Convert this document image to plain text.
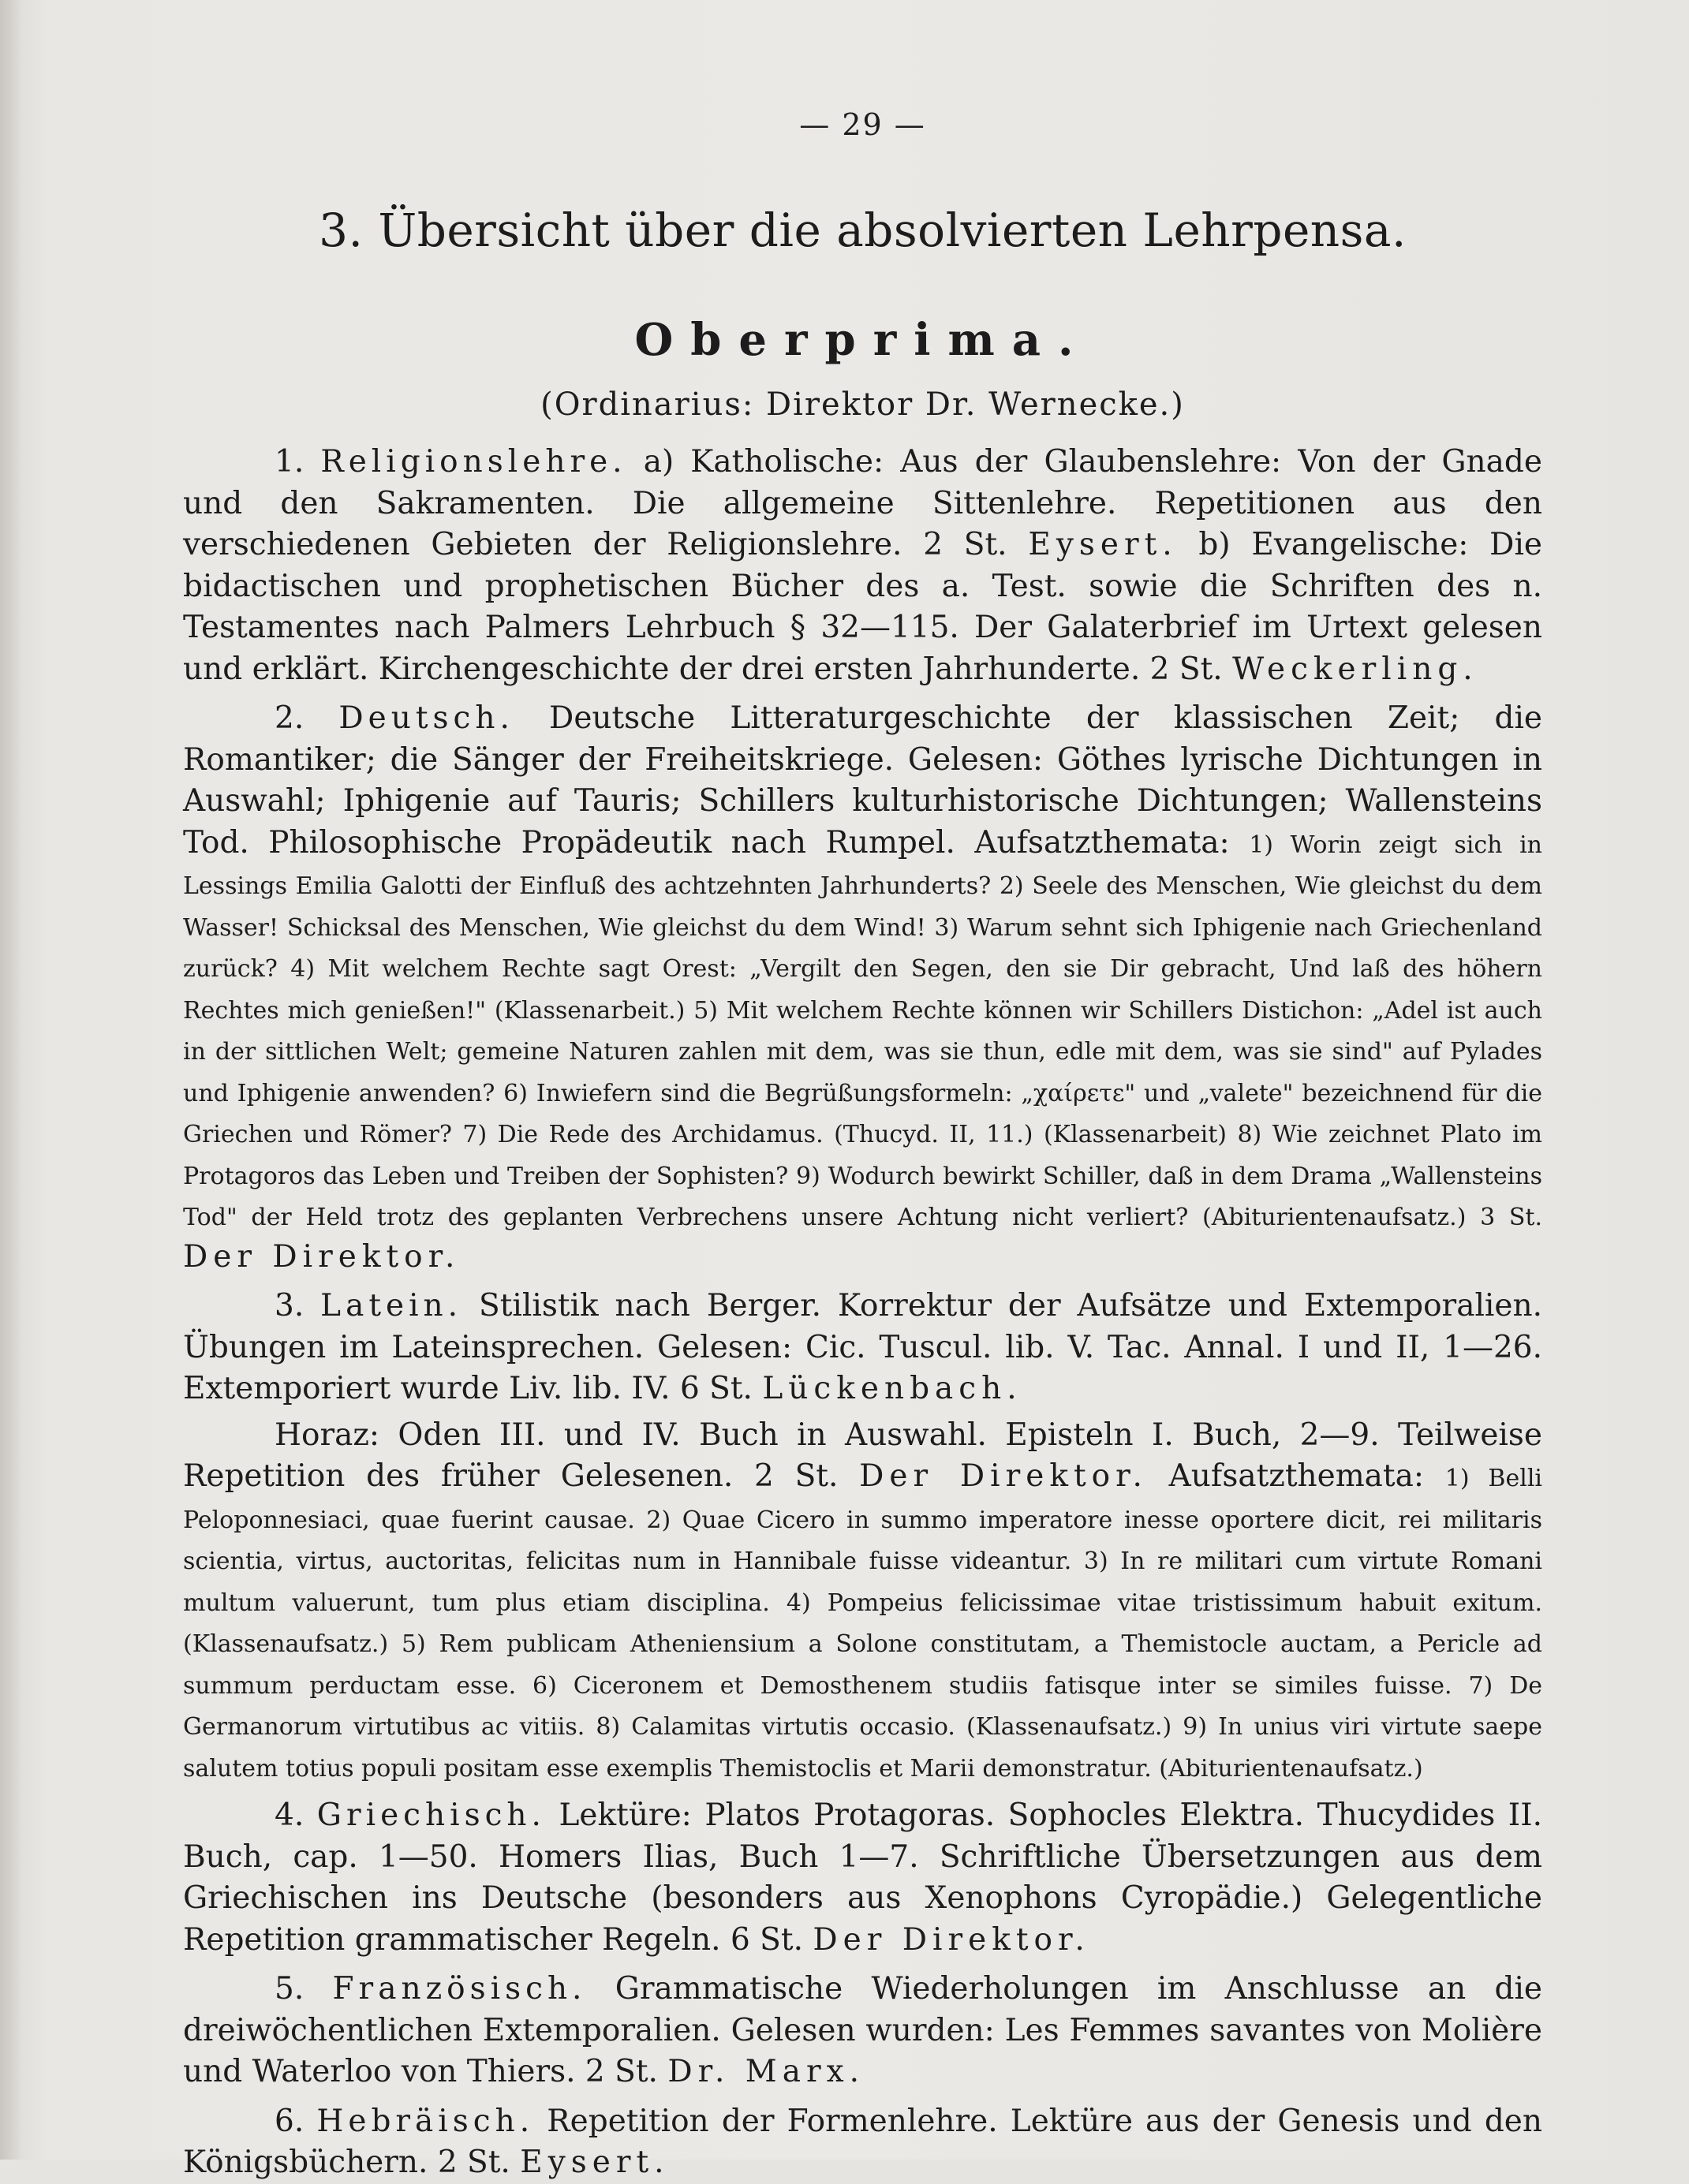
— 29 —
3. Übersicht über die absolvierten Lehrpensa.
Oberprima.
(Ordinarius: Direktor Dr. Wernecke.)

1. Religionslehre. a) Katholische: Aus der Glaubenslehre: Von der Gnade und den Sakramenten. Die allgemeine Sittenlehre. Repetitionen aus den verschiedenen Gebieten der Religionslehre. 2 St. Eysert. b) Evangelische: Die bidactischen und prophetischen Bücher des a. Test. sowie die Schriften des n. Testamentes nach Palmers Lehrbuch § 32—115. Der Galaterbrief im Urtext gelesen und erklärt. Kirchengeschichte der drei ersten Jahrhunderte. 2 St. Weckerling.

2. Deutsch. Deutsche Litteraturgeschichte der klassischen Zeit; die Romantiker; die Sänger der Freiheitskriege. Gelesen: Göthes lyrische Dichtungen in Auswahl; Iphigenie auf Tauris; Schillers kulturhistorische Dichtungen; Wallensteins Tod. Philosophische Propädeutik nach Rumpel. Aufsatzthemata: 1) Worin zeigt sich in Lessings Emilia Galotti der Einfluß des achtzehnten Jahrhunderts? 2) Seele des Menschen, Wie gleichst du dem Wasser! Schicksal des Menschen, Wie gleichst du dem Wind! 3) Warum sehnt sich Iphigenie nach Griechenland zurück? 4) Mit welchem Rechte sagt Orest: „Vergilt den Segen, den sie Dir gebracht, Und laß des höhern Rechtes mich genießen!" (Klassenarbeit.) 5) Mit welchem Rechte können wir Schillers Distichon: „Adel ist auch in der sittlichen Welt; gemeine Naturen zahlen mit dem, was sie thun, edle mit dem, was sie sind" auf Pylades und Iphigenie anwenden? 6) Inwiefern sind die Begrüßungsformeln: „χαίρετε" und „valete" bezeichnend für die Griechen und Römer? 7) Die Rede des Archidamus. (Thucyd. II, 11.) (Klassenarbeit) 8) Wie zeichnet Plato im Protagoros das Leben und Treiben der Sophisten? 9) Wodurch bewirkt Schiller, daß in dem Drama „Wallensteins Tod" der Held trotz des geplanten Verbrechens unsere Achtung nicht verliert? (Abiturientenaufsatz.) 3 St. Der Direktor.

3. Latein. Stilistik nach Berger. Korrektur der Aufsätze und Extemporalien. Übungen im Lateinsprechen. Gelesen: Cic. Tuscul. lib. V. Tac. Annal. I und II, 1—26. Extemporiert wurde Liv. lib. IV. 6 St. Lückenbach.

Horaz: Oden III. und IV. Buch in Auswahl. Episteln I. Buch, 2—9. Teilweise Repetition des früher Gelesenen. 2 St. Der Direktor. Aufsatzthemata: 1) Belli Peloponnesiaci, quae fuerint causae. 2) Quae Cicero in summo imperatore inesse oportere dicit, rei militaris scientia, virtus, auctoritas, felicitas num in Hannibale fuisse videantur. 3) In re militari cum virtute Romani multum valuerunt, tum plus etiam disciplina. 4) Pompeius felicissimae vitae tristissimum habuit exitum. (Klassenaufsatz.) 5) Rem publicam Atheniensium a Solone constitutam, a Themistocle auctam, a Pericle ad summum perductam esse. 6) Ciceronem et Demosthenem studiis fatisque inter se similes fuisse. 7) De Germanorum virtutibus ac vitiis. 8) Calamitas virtutis occasio. (Klassenaufsatz.) 9) In unius viri virtute saepe salutem totius populi positam esse exemplis Themistoclis et Marii demonstratur. (Abiturientenaufsatz.)

4. Griechisch. Lektüre: Platos Protagoras. Sophocles Elektra. Thucydides II. Buch, cap. 1—50. Homers Ilias, Buch 1—7. Schriftliche Übersetzungen aus dem Griechischen ins Deutsche (besonders aus Xenophons Cyropädie.) Gelegentliche Repetition grammatischer Regeln. 6 St. Der Direktor.

5. Französisch. Grammatische Wiederholungen im Anschlusse an die dreiwöchentlichen Extemporalien. Gelesen wurden: Les Femmes savantes von Molière und Waterloo von Thiers. 2 St. Dr. Marx.

6. Hebräisch. Repetition der Formenlehre. Lektüre aus der Genesis und den Königsbüchern. 2 St. Eysert.
